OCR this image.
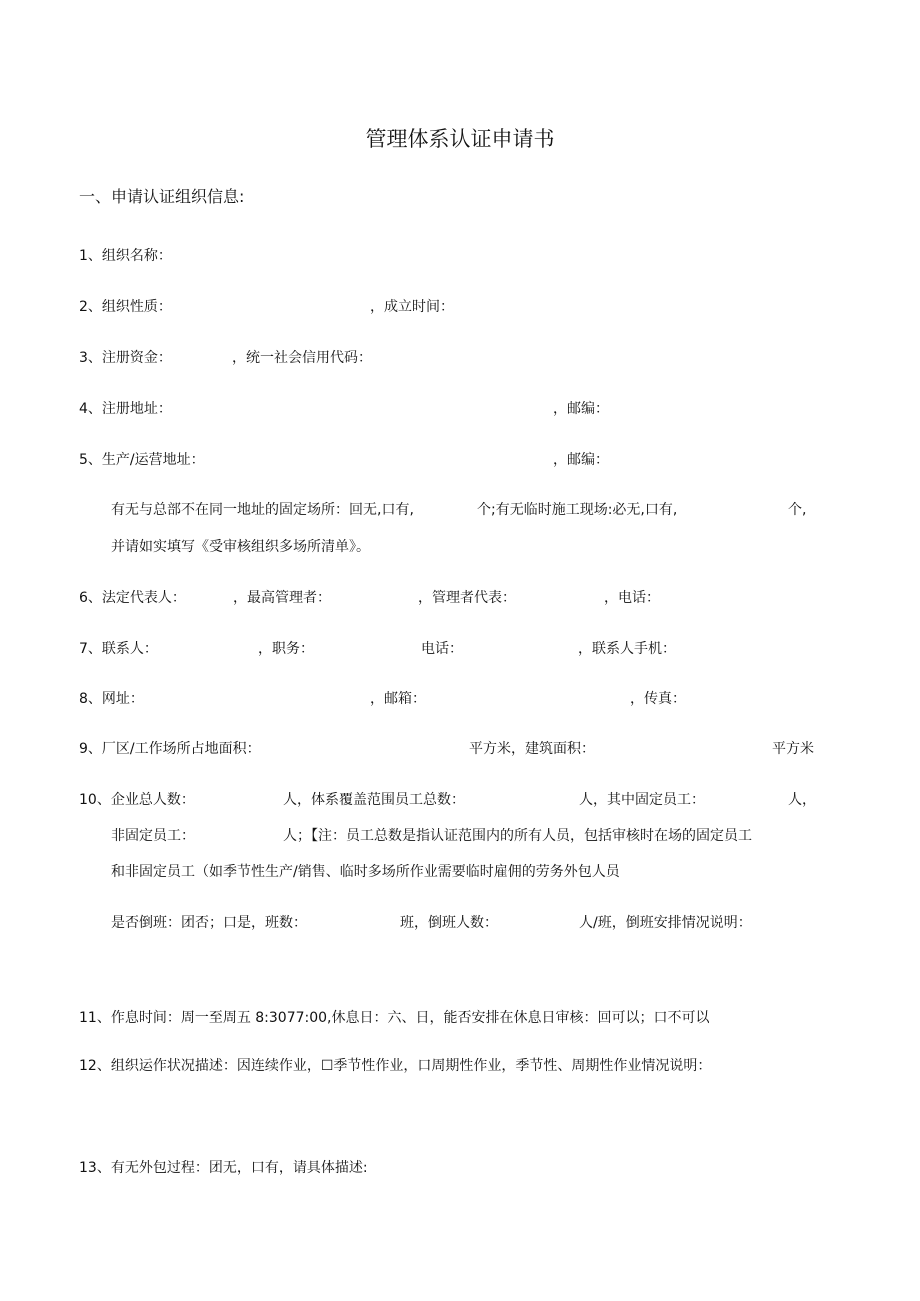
管理体系认证申请书
一、申请认证组织信息:
1、组织名称：
2、组织性质：	，成立时间：
3、注册资金：	，统一社会信用代码：
4、注册地址：	，邮编：
5、生产/运营地址：	，邮编：
有无与总部不在同一地址的固定场所：回无,口有,	个;有无临时施工现场:必无,口有,	个,
并请如实填写《受审核组织多场所清单》。
6、法定代表人：	，最高管理者：	，管理者代表：	，电话：
7、联系人：	，职务：	电话：	，联系人手机：
8、网址：	，邮箱：	，传真：
9、厂区/工作场所占地面积：	平方米，建筑面积：	平方米
10、企业总人数：	人，体系覆盖范围员工总数：	人，其中固定员工：	人，
非固定员工：	人；【注：员工总数是指认证范围内的所有人员，包括审核时在场的固定员工
和非固定员工（如季节性生产/销售、临时多场所作业需要临时雇佣的劳务外包人员
是否倒班：团否；口是，班数：	班，倒班人数：	人/班，倒班安排情况说明：
11、作息时间：周一至周五 8:3077:00,休息日：六、日，能否安排在休息日审核：回可以；口不可以
12、组织运作状况描述：因连续作业，☐季节性作业，口周期性作业，季节性、周期性作业情况说明：
13、有无外包过程：团无，口有，请具体描述:
